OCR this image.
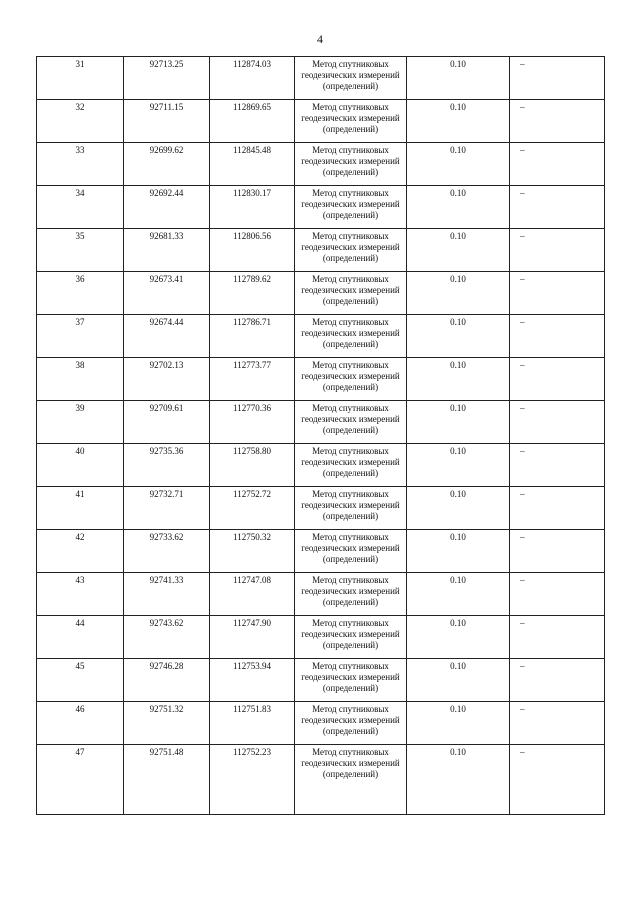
4
31	92713.25	112874.03	Метод спутниковых геодезических измерений (определений)	0.10	–
32	92711.15	112869.65	Метод спутниковых геодезических измерений (определений)	0.10	–
33	92699.62	112845.48	Метод спутниковых геодезических измерений (определений)	0.10	–
34	92692.44	112830.17	Метод спутниковых геодезических измерений (определений)	0.10	–
35	92681.33	112806.56	Метод спутниковых геодезических измерений (определений)	0.10	–
36	92673.41	112789.62	Метод спутниковых геодезических измерений (определений)	0.10	–
37	92674.44	112786.71	Метод спутниковых геодезических измерений (определений)	0.10	–
38	92702.13	112773.77	Метод спутниковых геодезических измерений (определений)	0.10	–
39	92709.61	112770.36	Метод спутниковых геодезических измерений (определений)	0.10	–
40	92735.36	112758.80	Метод спутниковых геодезических измерений (определений)	0.10	–
41	92732.71	112752.72	Метод спутниковых геодезических измерений (определений)	0.10	–
42	92733.62	112750.32	Метод спутниковых геодезических измерений (определений)	0.10	–
43	92741.33	112747.08	Метод спутниковых геодезических измерений (определений)	0.10	–
44	92743.62	112747.90	Метод спутниковых геодезических измерений (определений)	0.10	–
45	92746.28	112753.94	Метод спутниковых геодезических измерений (определений)	0.10	–
46	92751.32	112751.83	Метод спутниковых геодезических измерений (определений)	0.10	–
47	92751.48	112752.23	Метод спутниковых геодезических измерений (определений)	0.10	–
